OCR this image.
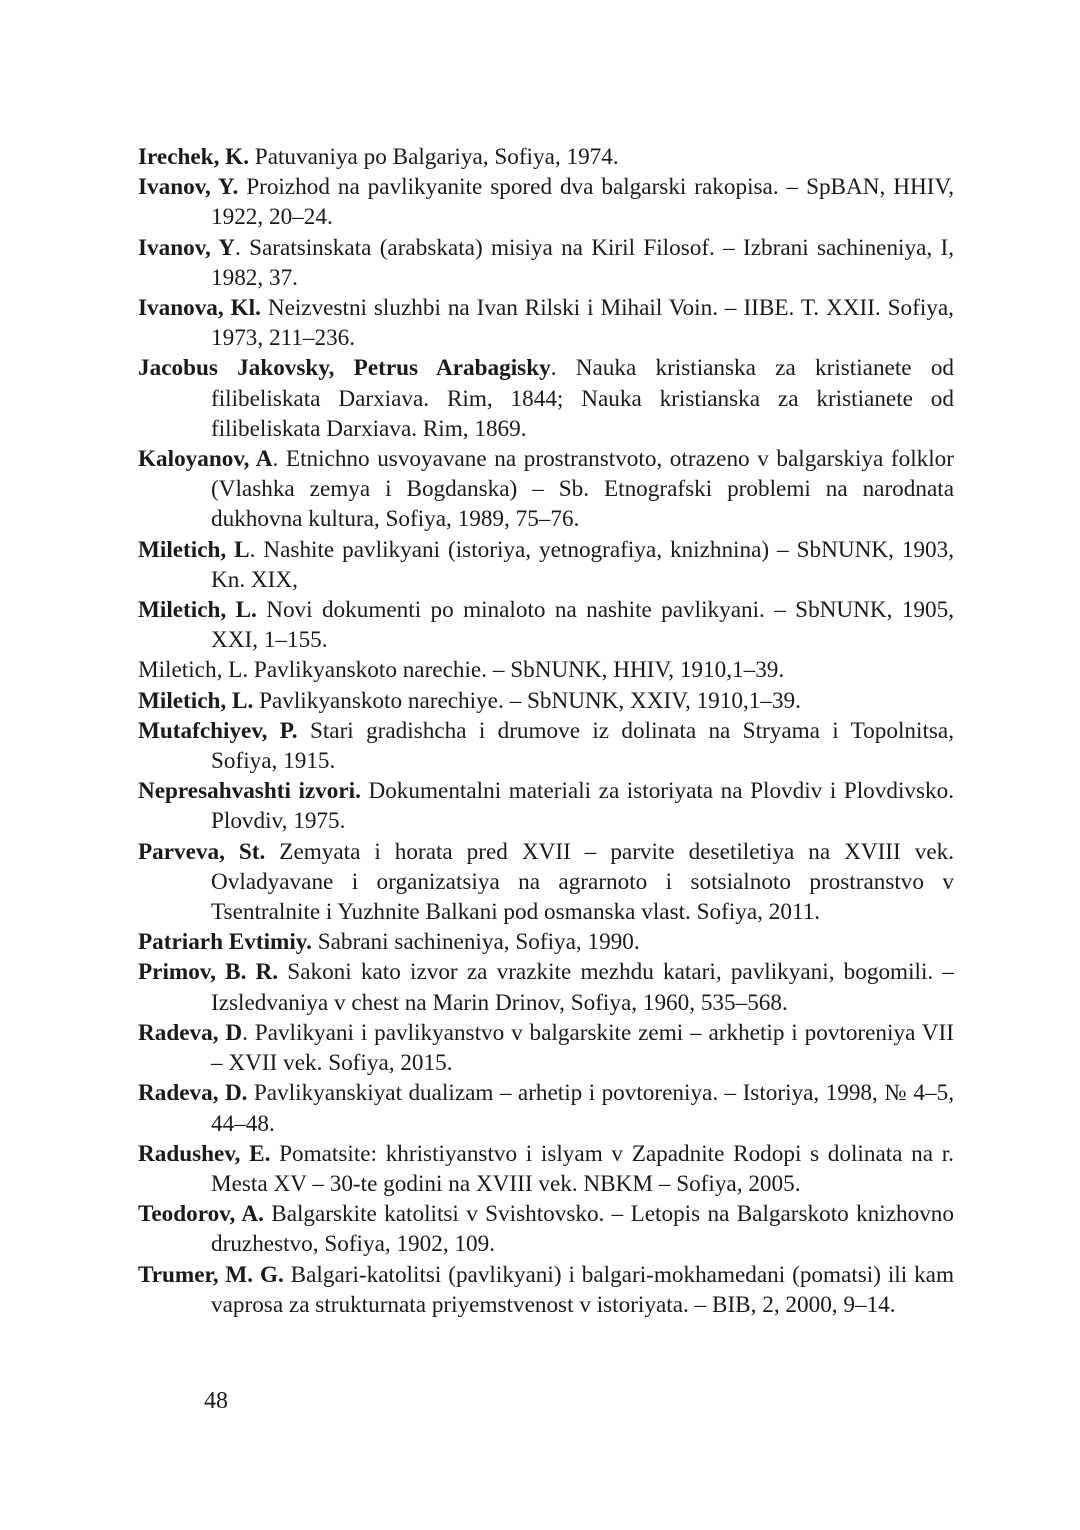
Irechek, K. Patuvaniya po Balgariya, Sofiya, 1974.
Ivanov, Y. Proizhod na pavlikyanite spored dva balgarski rakopisa. – SpBAN, HHIV, 1922, 20–24.
Ivanov, Y. Saratsinskata (arabskata) misiya na Kiril Filosof. – Izbrani sachineniya, I, 1982, 37.
Ivanova, Kl. Neizvestni sluzhbi na Ivan Rilski i Mihail Voin. – IIBE. T. XXII. Sofiya, 1973, 211–236.
Jacobus Jakovsky, Petrus Arabagisky. Nauka kristianska za kristianete od filibeliskata Darxiava. Rim, 1844; Nauka kristianska za kristianete od filibeliskata Darxiava. Rim, 1869.
Kaloyanov, A. Etnichno usvoyavane na prostranstvoto, otrazeno v balgarskiya folklor (Vlashka zemya i Bogdanska) – Sb. Etnografski problemi na narodnata dukhovna kultura, Sofiya, 1989, 75–76.
Miletich, L. Nashite pavlikyani (istoriya, yetnografiya, knizhnina) – SbNUNK, 1903, Kn. XIX,
Miletich, L. Novi dokumenti po minaloto na nashite pavlikyani. – SbNUNK, 1905, XXI, 1–155.
Miletich, L. Pavlikyanskoto narechie. – SbNUNK, HHIV, 1910,1–39.
Miletich, L. Pavlikyanskoto narechiye. – SbNUNK, XXIV, 1910,1–39.
Mutafchiyev, P. Stari gradishcha i drumove iz dolinata na Stryama i Topolnitsa, Sofiya, 1915.
Nepresahvashti izvori. Dokumentalni materiali za istoriyata na Plovdiv i Plovdivsko. Plovdiv, 1975.
Parveva, St. Zemyata i horata pred XVII – parvite desetiletiya na XVIII vek. Ovladyavane i organizatsiya na agrarnoto i sotsialnoto prostranstvo v Tsentralnite i Yuzhnite Balkani pod osmanska vlast. Sofiya, 2011.
Patriarh Evtimiy. Sabrani sachineniya, Sofiya, 1990.
Primov, B. R. Sakoni kato izvor za vrazkite mezhdu katari, pavlikyani, bogomili. – Izsledvaniya v chest na Marin Drinov, Sofiya, 1960, 535–568.
Radeva, D. Pavlikyani i pavlikyanstvo v balgarskite zemi – arkhetip i povtoreniya VII – XVII vek. Sofiya, 2015.
Radeva, D. Pavlikyanskiyat dualizam – arhetip i povtoreniya. – Istoriya, 1998, № 4–5, 44–48.
Radushev, E. Pomatsite: khristiyanstvo i islyam v Zapadnite Rodopi s dolinata na r. Mesta XV – 30-te godini na XVIII vek. NBKM – Sofiya, 2005.
Teodorov, A. Balgarskite katolitsi v Svishtovsko. – Letopis na Balgarskoto knizhovno druzhestvo, Sofiya, 1902, 109.
Trumer, M. G. Balgari-katolitsi (pavlikyani) i balgari-mokhamedani (pomatsi) ili kam vaprosa za strukturnata priyemstvenost v istoriyata. – BIB, 2, 2000, 9–14.
48
